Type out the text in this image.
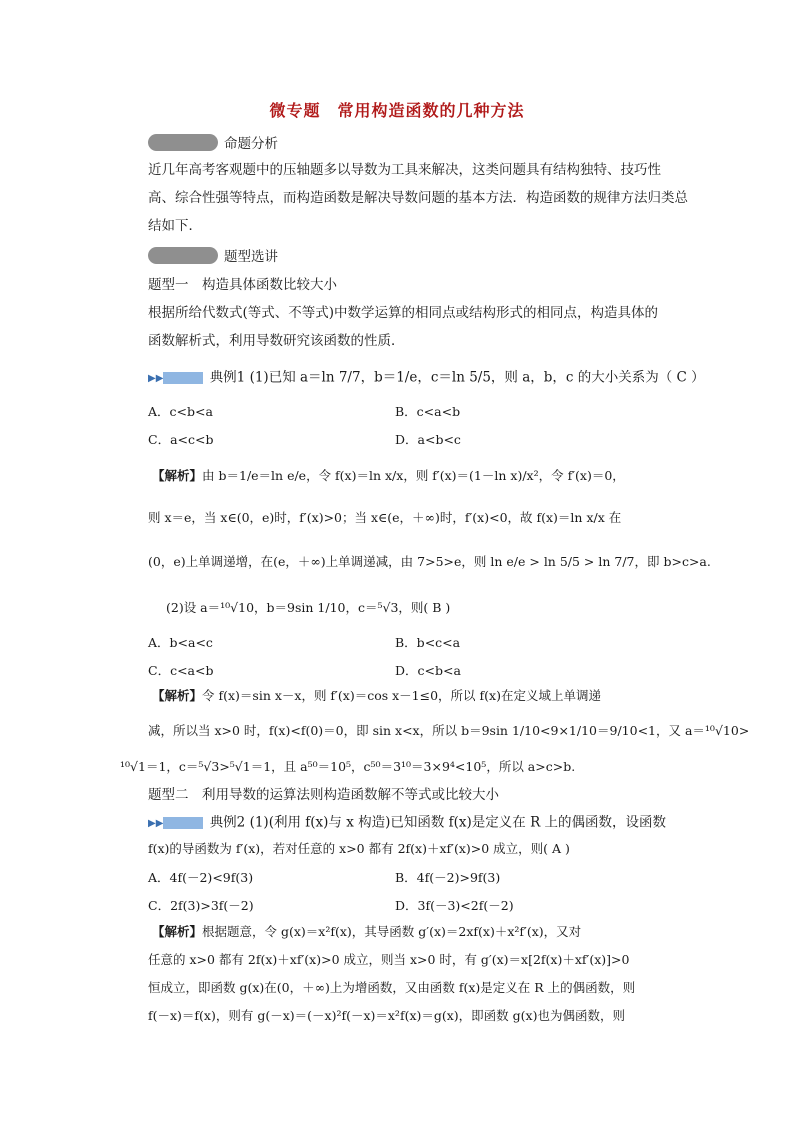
微专题　常用构造函数的几种方法
命题分析
近几年高考客观题中的压轴题多以导数为工具来解决，这类问题具有结构独特、技巧性
高、综合性强等特点，而构造函数是解决导数问题的基本方法．构造函数的规律方法归类总
结如下．
题型选讲
题型一　构造具体函数比较大小
根据所给代数式(等式、不等式)中数学运算的相同点或结构形式的相同点，构造具体的
函数解析式，利用导数研究该函数的性质．
▶▶	典例1 (1)已知 a＝ln 7/7，b＝1/e，c＝ln 5/5，则 a，b，c 的大小关系为（ C ）
A．c<b<a	B．c<a<b
C．a<c<b	D．a<b<c
【解析】由 b＝1/e＝ln e/e，令 f(x)＝ln x/x，则 f′(x)＝(1－ln x)/x²，令 f′(x)＝0，
则 x＝e，当 x∈(0，e)时，f′(x)>0；当 x∈(e，＋∞)时，f′(x)<0，故 f(x)＝ln x/x 在
(0，e)上单调递增，在(e，＋∞)上单调递减，由 7>5>e，则 ln e/e > ln 5/5 > ln 7/7，即 b>c>a.
(2)设 a＝¹⁰√10，b＝9sin 1/10，c＝⁵√3，则( B )
A．b<a<c	B．b<c<a
C．c<a<b	D．c<b<a
【解析】令 f(x)＝sin x－x，则 f′(x)＝cos x－1≤0，所以 f(x)在定义域上单调递
减，所以当 x>0 时，f(x)<f(0)＝0，即 sin x<x，所以 b＝9sin 1/10<9×1/10＝9/10<1，又 a＝¹⁰√10>
¹⁰√1＝1，c＝⁵√3>⁵√1＝1，且 a⁵⁰＝10⁵，c⁵⁰＝3¹⁰＝3×9⁴<10⁵，所以 a>c>b.
题型二　利用导数的运算法则构造函数解不等式或比较大小
▶▶	典例2 (1)(利用 f(x)与 x 构造)已知函数 f(x)是定义在 R 上的偶函数，设函数
f(x)的导函数为 f′(x)，若对任意的 x>0 都有 2f(x)＋xf′(x)>0 成立，则( A )
A．4f(－2)<9f(3)	B．4f(－2)>9f(3)
C．2f(3)>3f(－2)	D．3f(－3)<2f(－2)
【解析】根据题意，令 g(x)＝x²f(x)，其导函数 g′(x)＝2xf(x)＋x²f′(x)，又对
任意的 x>0 都有 2f(x)＋xf′(x)>0 成立，则当 x>0 时，有 g′(x)＝x[2f(x)＋xf′(x)]>0
恒成立，即函数 g(x)在(0，＋∞)上为增函数，又由函数 f(x)是定义在 R 上的偶函数，则
f(－x)＝f(x)，则有 g(－x)＝(－x)²f(－x)＝x²f(x)＝g(x)，即函数 g(x)也为偶函数，则
